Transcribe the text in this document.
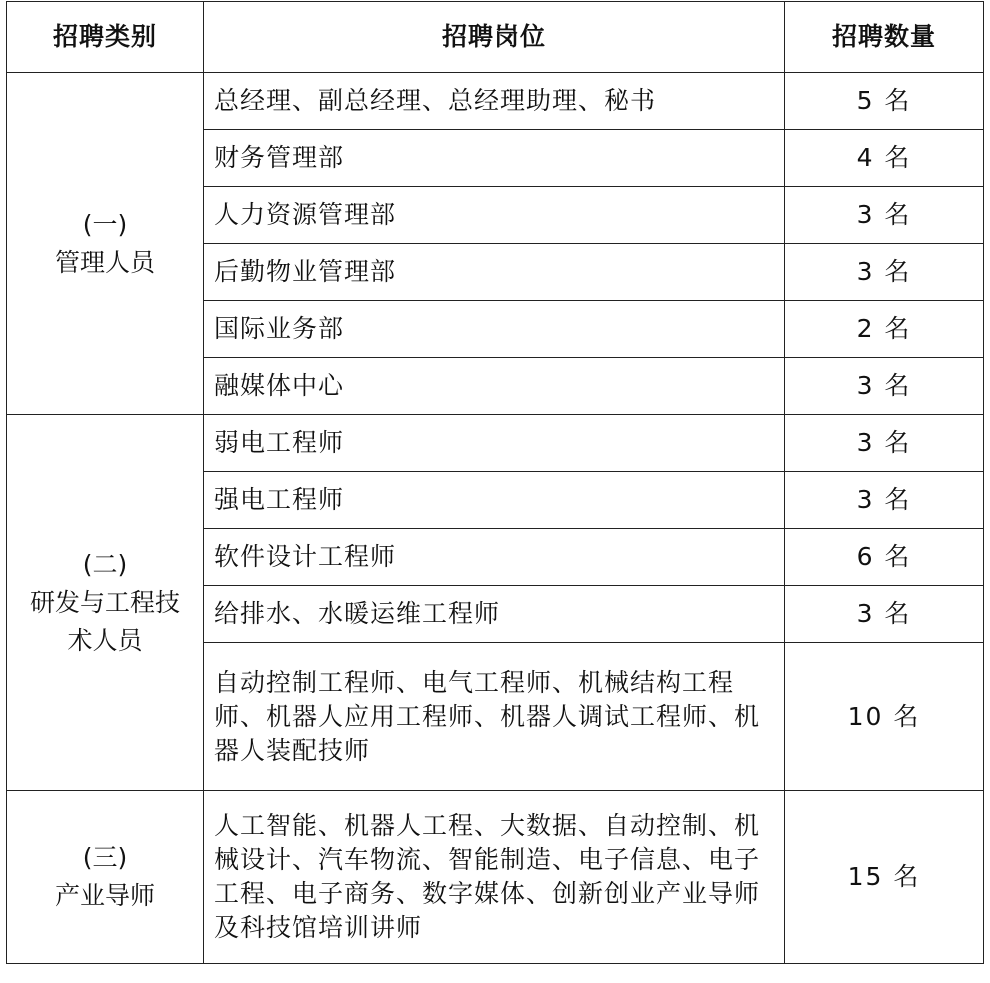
招聘类别	招聘岗位	招聘数量

(一)
管理人员	总经理、副总经理、总经理助理、秘书	5 名
	财务管理部	4 名
	人力资源管理部	3 名
	后勤物业管理部	3 名
	国际业务部	2 名
	融媒体中心	3 名

(二)
研发与工程技
术人员	弱电工程师	3 名
	强电工程师	3 名
	软件设计工程师	6 名
	给排水、水暖运维工程师	3 名
	自动控制工程师、电气工程师、机械结构工程师、机器人应用工程师、机器人调试工程师、机器人装配技师	10 名

(三)
产业导师	人工智能、机器人工程、大数据、自动控制、机械设计、汽车物流、智能制造、电子信息、电子工程、电子商务、数字媒体、创新创业产业导师及科技馆培训讲师	15 名
